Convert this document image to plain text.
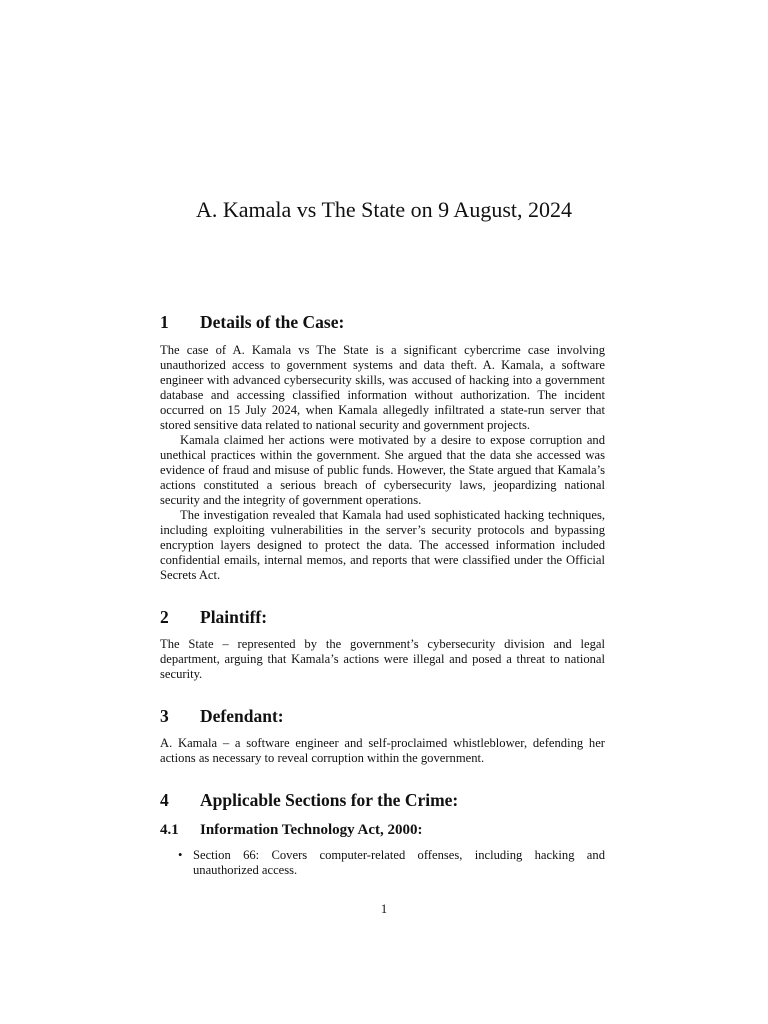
A. Kamala vs The State on 9 August, 2024
1	Details of the Case:

The case of A. Kamala vs The State is a significant cybercrime case involving unauthorized access to government systems and data theft. A. Kamala, a software engineer with advanced cybersecurity skills, was accused of hacking into a government database and accessing classified information without authorization. The incident occurred on 15 July 2024, when Kamala allegedly infiltrated a state-run server that stored sensitive data related to national security and government projects.

Kamala claimed her actions were motivated by a desire to expose corruption and unethical practices within the government. She argued that the data she accessed was evidence of fraud and misuse of public funds. However, the State argued that Kamala’s actions constituted a serious breach of cybersecurity laws, jeopardizing national security and the integrity of government operations.

The investigation revealed that Kamala had used sophisticated hacking techniques, including exploiting vulnerabilities in the server’s security protocols and bypassing encryption layers designed to protect the data. The accessed information included confidential emails, internal memos, and reports that were classified under the Official Secrets Act.

2	Plaintiff:

The State – represented by the government’s cybersecurity division and legal department, arguing that Kamala’s actions were illegal and posed a threat to national security.

3	Defendant:

A. Kamala – a software engineer and self-proclaimed whistleblower, defending her actions as necessary to reveal corruption within the government.

4	Applicable Sections for the Crime:
4.1	Information Technology Act, 2000:
• Section 66: Covers computer-related offenses, including hacking and unauthorized access.
1
